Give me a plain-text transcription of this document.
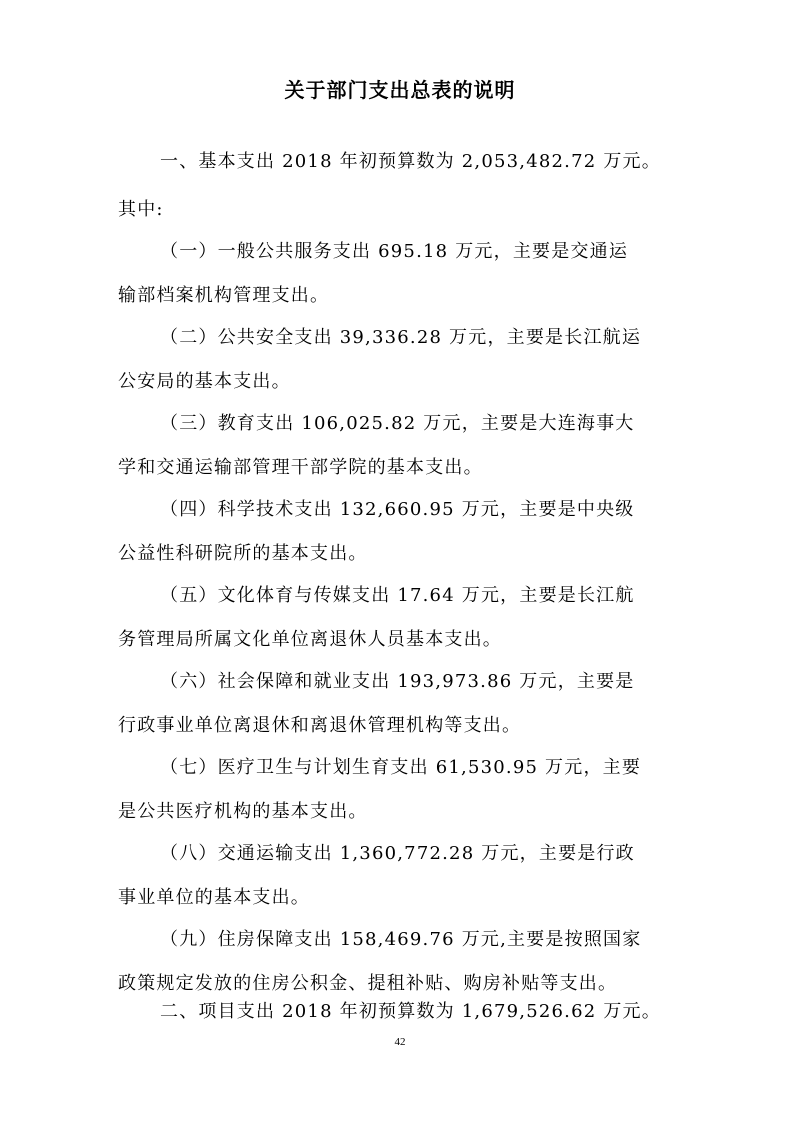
关于部门支出总表的说明
一、基本支出 2018 年初预算数为 2,053,482.72 万元。
其中:
（一）一般公共服务支出 695.18 万元，主要是交通运
输部档案机构管理支出。
（二）公共安全支出 39,336.28 万元，主要是长江航运
公安局的基本支出。
（三）教育支出 106,025.82 万元，主要是大连海事大
学和交通运输部管理干部学院的基本支出。
（四）科学技术支出 132,660.95 万元，主要是中央级
公益性科研院所的基本支出。
（五）文化体育与传媒支出 17.64 万元，主要是长江航
务管理局所属文化单位离退休人员基本支出。
（六）社会保障和就业支出 193,973.86 万元，主要是
行政事业单位离退休和离退休管理机构等支出。
（七）医疗卫生与计划生育支出 61,530.95 万元，主要
是公共医疗机构的基本支出。
（八）交通运输支出 1,360,772.28 万元，主要是行政
事业单位的基本支出。
（九）住房保障支出 158,469.76 万元,主要是按照国家
政策规定发放的住房公积金、提租补贴、购房补贴等支出。
二、项目支出 2018 年初预算数为 1,679,526.62 万元。
42
